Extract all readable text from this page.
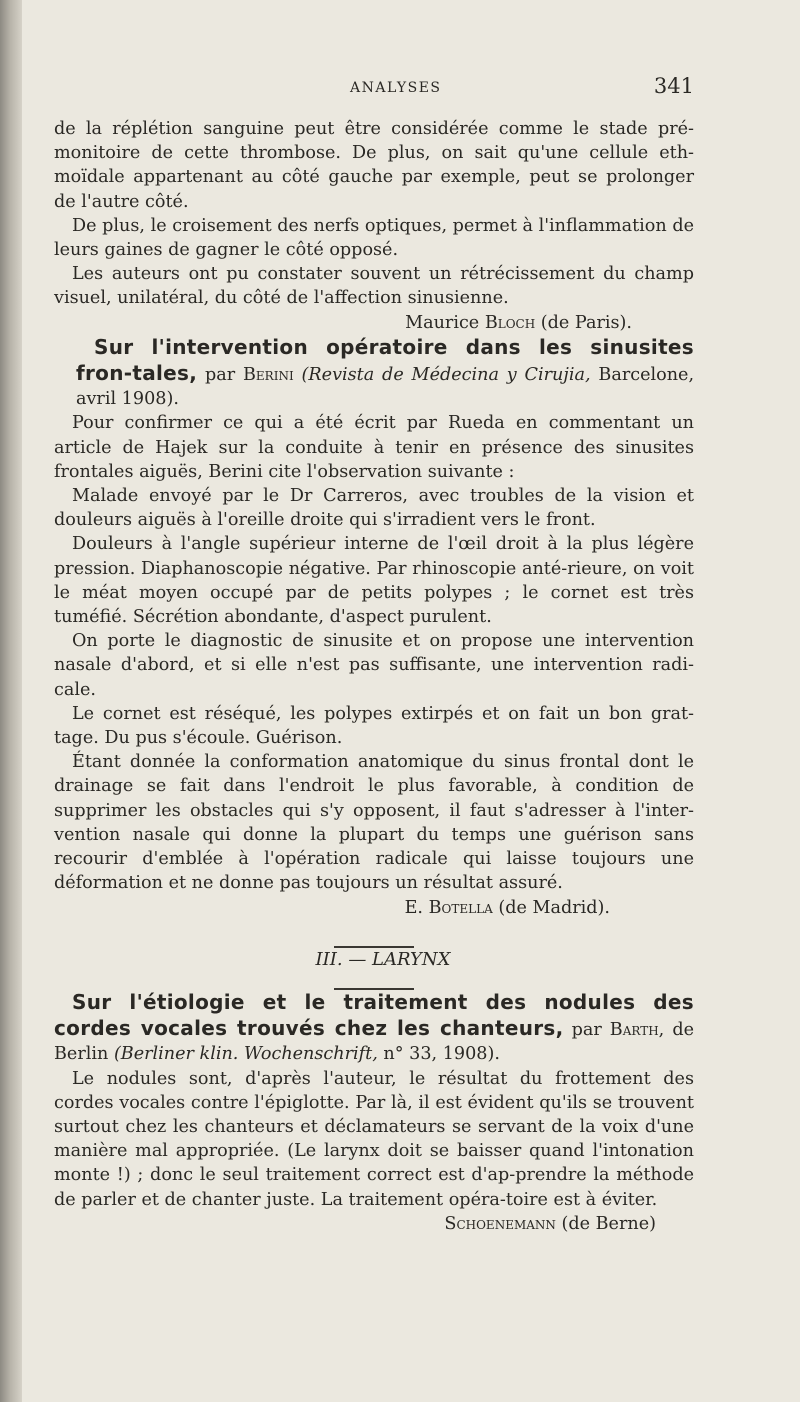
ANALYSES	341

de la réplétion sanguine peut être considérée comme le stade pré-monitoire de cette thrombose. De plus, on sait qu'une cellule eth-moïdale appartenant au côté gauche par exemple, peut se prolonger de l'autre côté.

De plus, le croisement des nerfs optiques, permet à l'inflammation de leurs gaines de gagner le côté opposé.

Les auteurs ont pu constater souvent un rétrécissement du champ visuel, unilatéral, du côté de l'affection sinusienne.

Maurice Bloch (de Paris).

Sur l'intervention opératoire dans les sinusites fron-tales, par Berini (Revista de Médecina y Cirujia, Barcelone, avril 1908).

Pour confirmer ce qui a été écrit par Rueda en commentant un article de Hajek sur la conduite à tenir en présence des sinusites frontales aiguës, Berini cite l'observation suivante :

Malade envoyé par le Dr Carreros, avec troubles de la vision et douleurs aiguës à l'oreille droite qui s'irradient vers le front.

Douleurs à l'angle supérieur interne de l'œil droit à la plus légère pression. Diaphanoscopie négative. Par rhinoscopie anté-rieure, on voit le méat moyen occupé par de petits polypes ; le cornet est très tuméfié. Sécrétion abondante, d'aspect purulent.

On porte le diagnostic de sinusite et on propose une intervention nasale d'abord, et si elle n'est pas suffisante, une intervention radi-cale.

Le cornet est réséqué, les polypes extirpés et on fait un bon grat-tage. Du pus s'écoule. Guérison.

Étant donnée la conformation anatomique du sinus frontal dont le drainage se fait dans l'endroit le plus favorable, à condition de supprimer les obstacles qui s'y opposent, il faut s'adresser à l'inter-vention nasale qui donne la plupart du temps une guérison sans recourir d'emblée à l'opération radicale qui laisse toujours une déformation et ne donne pas toujours un résultat assuré.

E. Botella (de Madrid).

III. — LARYNX

Sur l'étiologie et le traitement des nodules des cordes vocales trouvés chez les chanteurs, par Barth, de Berlin (Berliner klin. Wochenschrift, n° 33, 1908).

Le nodules sont, d'après l'auteur, le résultat du frottement des cordes vocales contre l'épiglotte. Par là, il est évident qu'ils se trouvent surtout chez les chanteurs et déclamateurs se servant de la voix d'une manière mal appropriée. (Le larynx doit se baisser quand l'intonation monte !) ; donc le seul traitement correct est d'ap-prendre la méthode de parler et de chanter juste. La traitement opéra-toire est à éviter.

Schoenemann (de Berne)
